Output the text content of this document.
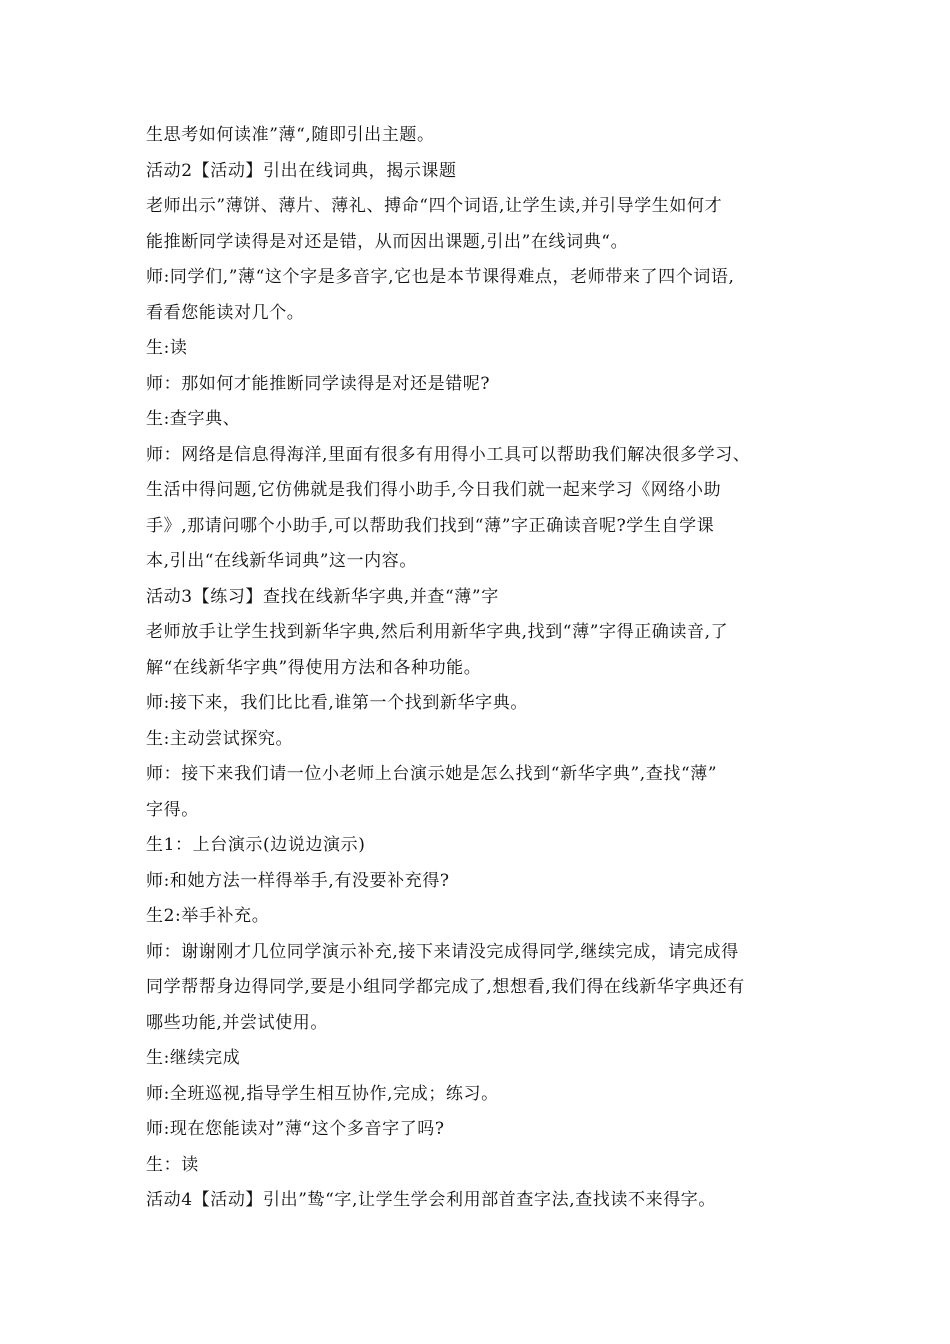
生思考如何读准”薄“,随即引出主题。
活动2【活动】引出在线词典，揭示课题
老师出示”薄饼、薄片、薄礼、搏命“四个词语,让学生读,并引导学生如何才
能推断同学读得是对还是错，从而因出课题,引出”在线词典“。
师:同学们,”薄“这个字是多音字,它也是本节课得难点，老师带来了四个词语,
看看您能读对几个。
生:读
师：那如何才能推断同学读得是对还是错呢?
生:查字典、
师：网络是信息得海洋,里面有很多有用得小工具可以帮助我们解决很多学习、
生活中得问题,它仿佛就是我们得小助手,今日我们就一起来学习《网络小助
手》,那请问哪个小助手,可以帮助我们找到“薄”字正确读音呢?学生自学课
本,引出“在线新华词典”这一内容。
活动3【练习】查找在线新华字典,并查“薄”字
老师放手让学生找到新华字典,然后利用新华字典,找到“薄”字得正确读音,了
解“在线新华字典”得使用方法和各种功能。
师:接下来，我们比比看,谁第一个找到新华字典。
生:主动尝试探究。
师：接下来我们请一位小老师上台演示她是怎么找到“新华字典”,查找“薄”
字得。
生1：上台演示(边说边演示)
师:和她方法一样得举手,有没要补充得?
生2:举手补充。
师：谢谢刚才几位同学演示补充,接下来请没完成得同学,继续完成，请完成得
同学帮帮身边得同学,要是小组同学都完成了,想想看,我们得在线新华字典还有
哪些功能,并尝试使用。
生:继续完成
师:全班巡视,指导学生相互协作,完成；练习。
师:现在您能读对”薄“这个多音字了吗?
生：读
活动4【活动】引出”鸷“字,让学生学会利用部首查字法,查找读不来得字。
